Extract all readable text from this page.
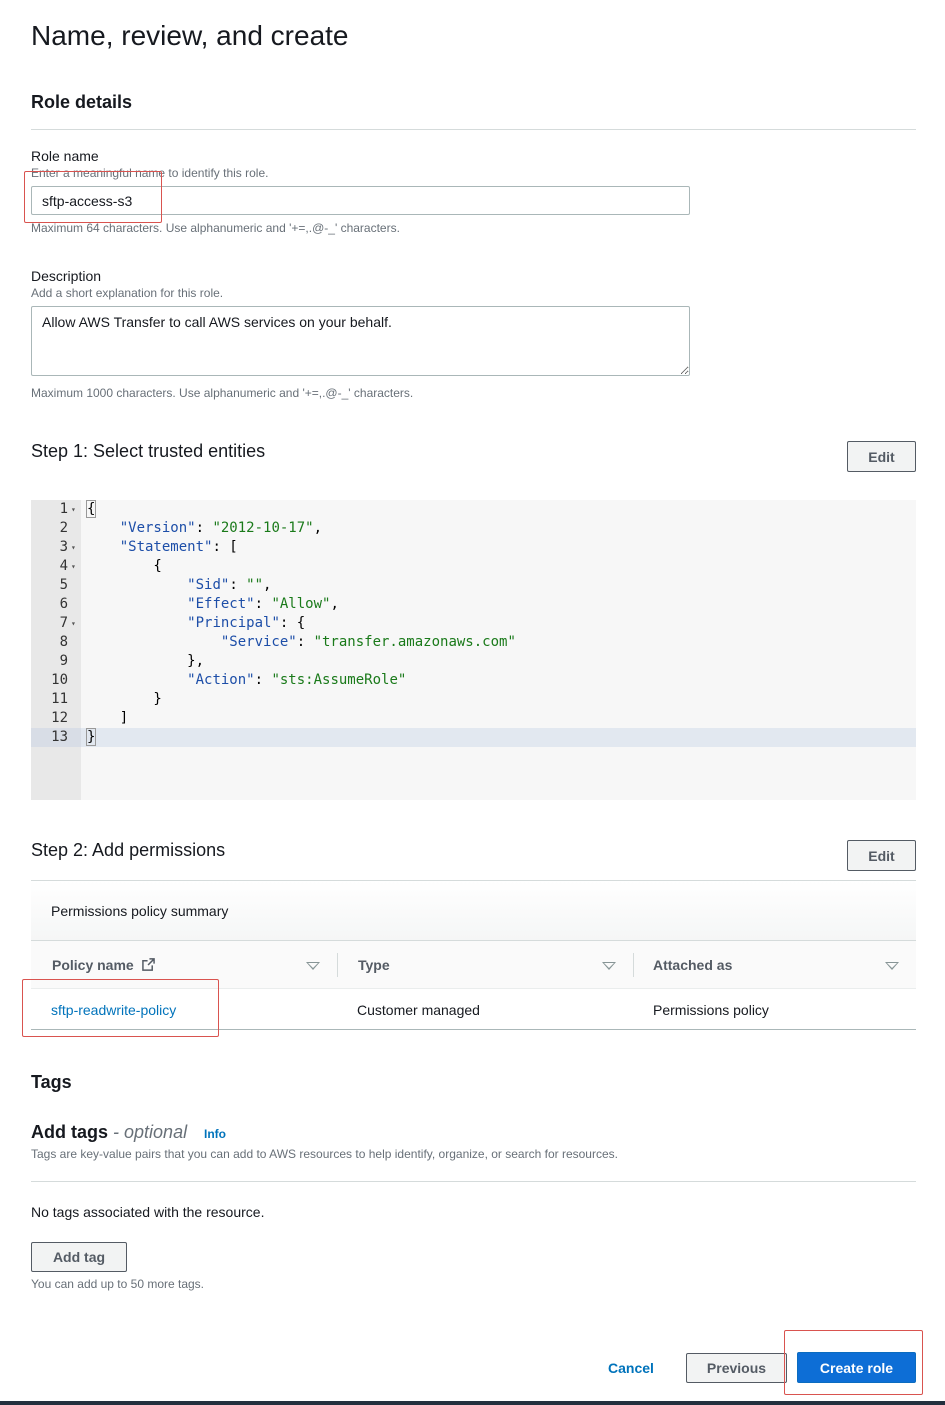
Name, review, and create
Role details
Role name
Enter a meaningful name to identify this role.
sftp-access-s3
Maximum 64 characters. Use alphanumeric and '+=,.@-_' characters.
Description
Add a short explanation for this role.
Allow AWS Transfer to call AWS services on your behalf.
Maximum 1000 characters. Use alphanumeric and '+=,.@-_' characters.
Step 1: Select trusted entities	Edit
1 ▾ {
2	"Version": "2012-10-17",
3 ▾	"Statement": [
4 ▾ {
5	"Sid": "",
6	"Effect": "Allow",
7 ▾	"Principal": {
8	"Service": "transfer.amazonaws.com"
9	},
10	"Action": "sts:AssumeRole"
11	}
12	]
13	}
Step 2: Add permissions	Edit
Permissions policy summary
Policy name	Type	Attached as
sftp-readwrite-policy	Customer managed	Permissions policy
Tags
Add tags - optional Info
Tags are key-value pairs that you can add to AWS resources to help identify, organize, or search for resources.
No tags associated with the resource.
Add tag
You can add up to 50 more tags.
Cancel	Previous	Create role
